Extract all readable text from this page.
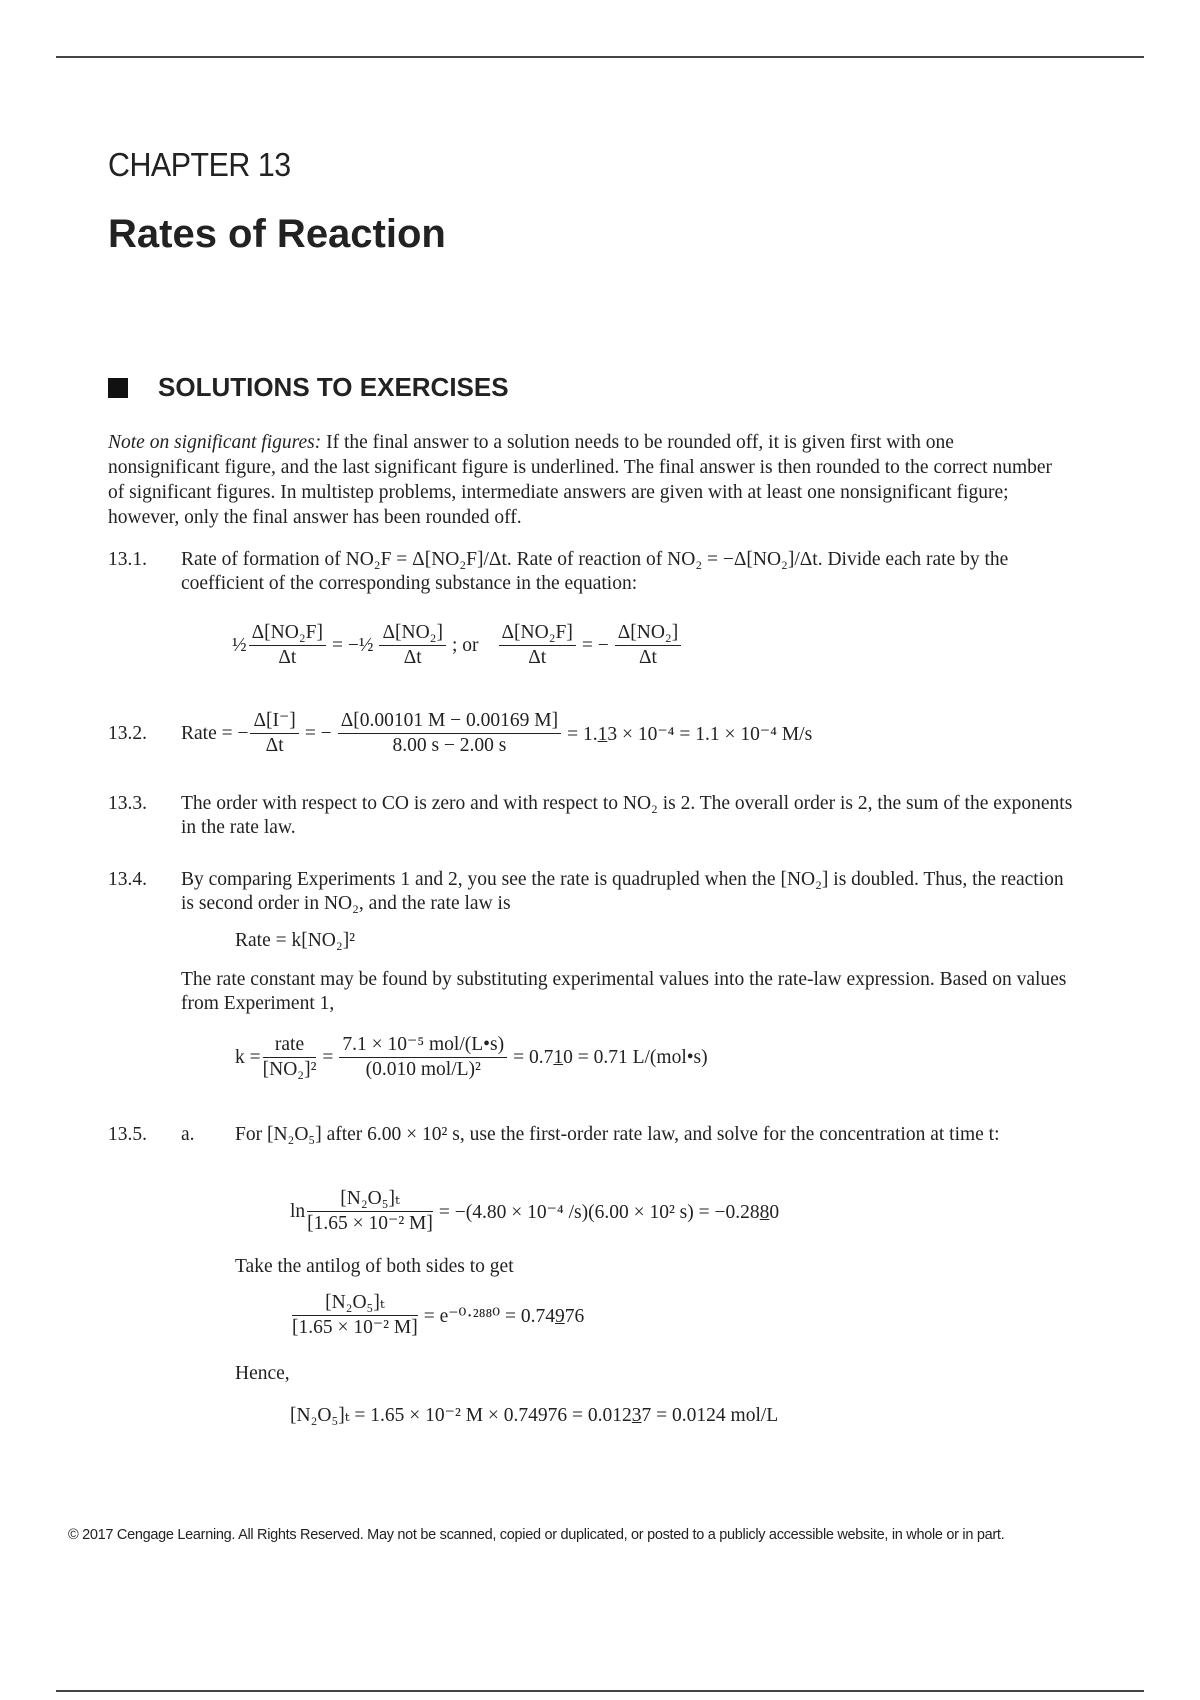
CHAPTER 13
Rates of Reaction
SOLUTIONS TO EXERCISES
Note on significant figures: If the final answer to a solution needs to be rounded off, it is given first with one nonsignificant figure, and the last significant figure is underlined. The final answer is then rounded to the correct number of significant figures. In multistep problems, intermediate answers are given with at least one nonsignificant figure; however, only the final answer has been rounded off.
13.1. Rate of formation of NO₂F = Δ[NO₂F]/Δt. Rate of reaction of NO₂ = −Δ[NO₂]/Δt. Divide each rate by the coefficient of the corresponding substance in the equation:
½ $\frac{\text{Δ[NO₂F]}}{\Delta t}$ = −½ $\frac{\text{Δ[NO₂]}}{\Delta t}$ ; or $\frac{\text{Δ[NO₂F]}}{\Delta t}$ = − $\frac{\text{Δ[NO₂]}}{\Delta t}$
13.2.	Rate = − $\frac{\Delta[I^-]}{\Delta t}$ = − $\frac{\Delta[0.00101 M - 0.00169 M]}{8.00 s - 2.00 s} = 1.13 \times 10^{-4} = 1.1 \times 10^{-4}$ M/s
13.3. The order with respect to CO is zero and with respect to NO₂ is 2. The overall order is 2, the sum of the exponents in the rate law.
13.4. By comparing Experiments 1 and 2, you see the rate is quadrupled when the [NO₂] is doubled. Thus, the reaction is second order in NO₂, and the rate law is
Rate = k[NO₂]²
The rate constant may be found by substituting experimental values into the rate-law expression. Based on values from Experiment 1,
$k = \frac{\text{rate}}{\text{[NO₂]²}} = \frac{\text{7.1 × 10⁻⁵ mol/(L•s)}}{\text{(0.010 mol/L)²}} = 0.710 = 0.71$ L/(mol•s)
13.5. a. For [N₂O₅] after 6.00 × 10² s, use the first-order rate law, and solve for the concentration at time t:
$\ln \frac{\text{[N₂O₅]ₜ}}{\text{[1.65 × 10⁻² M]}} = -(4.80 \times 10^{-4}$ /s)(6.00 × 10² s) = −0.2880
Take the antilog of both sides to get
$\frac{\text{[N₂O₅]ₜ}}{\text{[1.65 × 10⁻² M]}} = e^{-0}\cdot^{2880} = 0.74976$
Hence,
[N₂O₅]ₜ = 1.65 × 10⁻² M × 0.74976 = 0.01237 = 0.0124 mol/L
© 2017 Cengage Learning. All Rights Reserved. May not be scanned, copied or duplicated, or posted to a publicly accessible website, in whole or in part.
